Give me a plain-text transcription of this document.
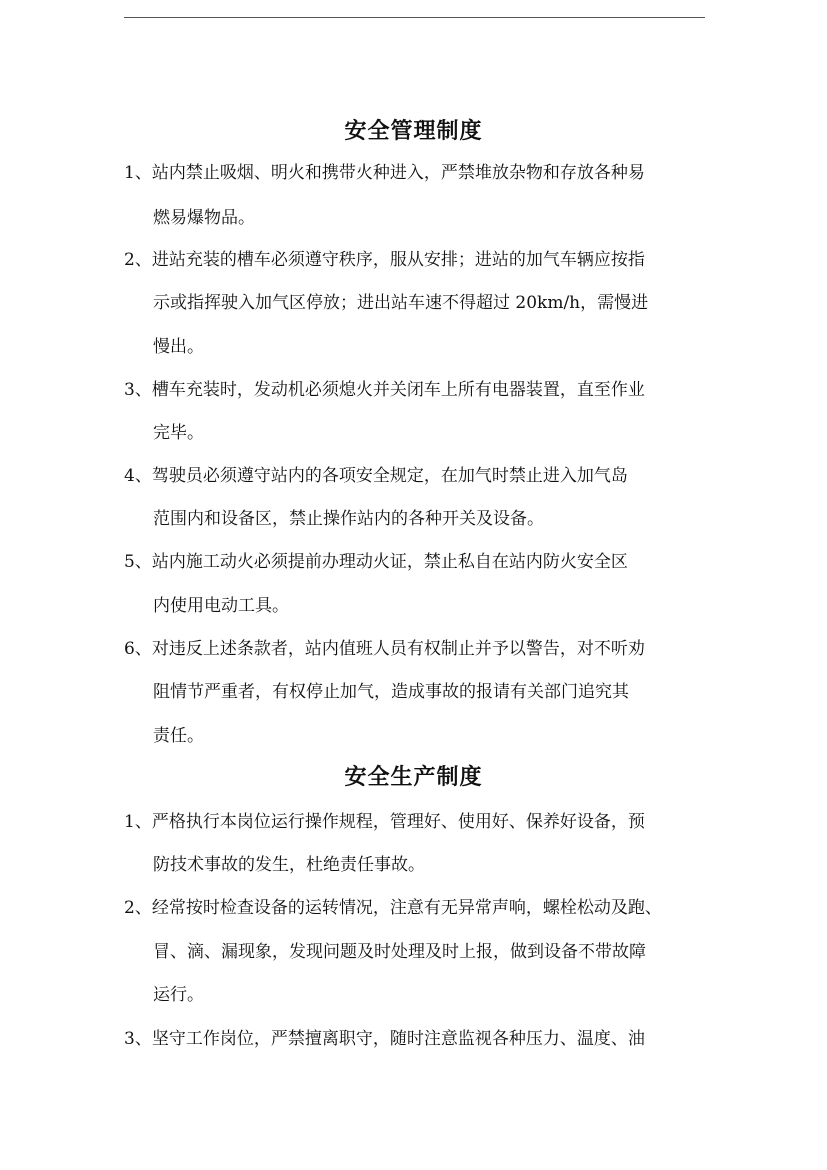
安全管理制度

1、站内禁止吸烟、明火和携带火种进入，严禁堆放杂物和存放各种易

燃易爆物品。

2、进站充装的槽车必须遵守秩序，服从安排；进站的加气车辆应按指

示或指挥驶入加气区停放；进出站车速不得超过 20km/h，需慢进

慢出。

3、槽车充装时，发动机必须熄火并关闭车上所有电器装置，直至作业

完毕。

4、驾驶员必须遵守站内的各项安全规定，在加气时禁止进入加气岛

范围内和设备区，禁止操作站内的各种开关及设备。

5、站内施工动火必须提前办理动火证，禁止私自在站内防火安全区

内使用电动工具。

6、对违反上述条款者，站内值班人员有权制止并予以警告，对不听劝

阻情节严重者，有权停止加气，造成事故的报请有关部门追究其

责任。

安全生产制度

1、严格执行本岗位运行操作规程，管理好、使用好、保养好设备，预

防技术事故的发生，杜绝责任事故。

2、经常按时检查设备的运转情况，注意有无异常声响，螺栓松动及跑、

冒、滴、漏现象，发现问题及时处理及时上报，做到设备不带故障

运行。

3、坚守工作岗位，严禁擅离职守，随时注意监视各种压力、温度、油
